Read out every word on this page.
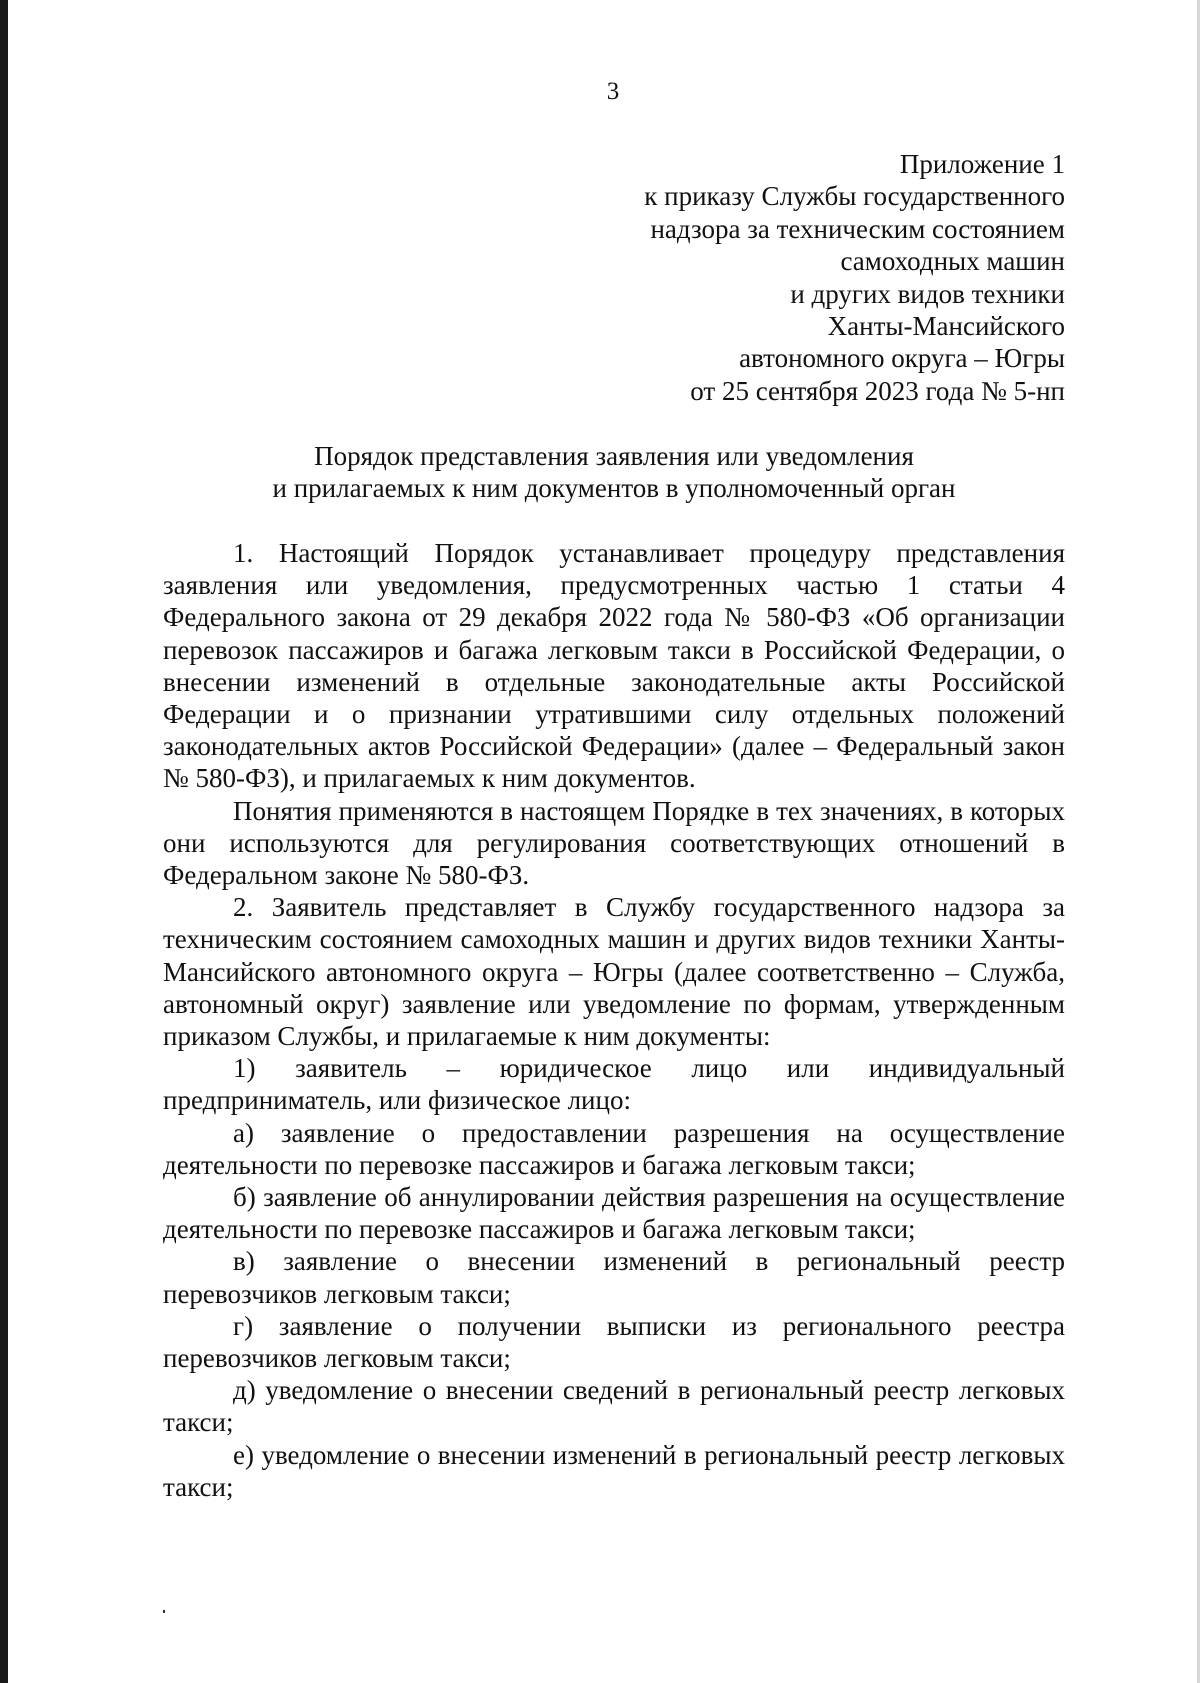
3
Приложение 1
к приказу Службы государственного
надзора за техническим состоянием
самоходных машин
и других видов техники
Ханты-Мансийского
автономного округа – Югры
от 25 сентября 2023 года № 5-нп
Порядок представления заявления или уведомления
и прилагаемых к ним документов в уполномоченный орган

1. Настоящий Порядок устанавливает процедуру представления заявления или уведомления, предусмотренных частью 1 статьи 4 Федерального закона от 29 декабря 2022 года № 580-ФЗ «Об организации перевозок пассажиров и багажа легковым такси в Российской Федерации, о внесении изменений в отдельные законодательные акты Российской Федерации и о признании утратившими силу отдельных положений законодательных актов Российской Федерации» (далее – Федеральный закон № 580-ФЗ), и прилагаемых к ним документов.

Понятия применяются в настоящем Порядке в тех значениях, в которых они используются для регулирования соответствующих отношений в Федеральном законе № 580-ФЗ.

2. Заявитель представляет в Службу государственного надзора за техническим состоянием самоходных машин и других видов техники Ханты-Мансийского автономного округа – Югры (далее соответственно – Служба, автономный округ) заявление или уведомление по формам, утвержденным приказом Службы, и прилагаемые к ним документы:

1) заявитель – юридическое лицо или индивидуальный предприниматель, или физическое лицо:

а) заявление о предоставлении разрешения на осуществление деятельности по перевозке пассажиров и багажа легковым такси;

б) заявление об аннулировании действия разрешения на осуществление деятельности по перевозке пассажиров и багажа легковым такси;

в) заявление о внесении изменений в региональный реестр перевозчиков легковым такси;

г) заявление о получении выписки из регионального реестра перевозчиков легковым такси;

д) уведомление о внесении сведений в региональный реестр легковых такси;

е) уведомление о внесении изменений в региональный реестр легковых такси;
